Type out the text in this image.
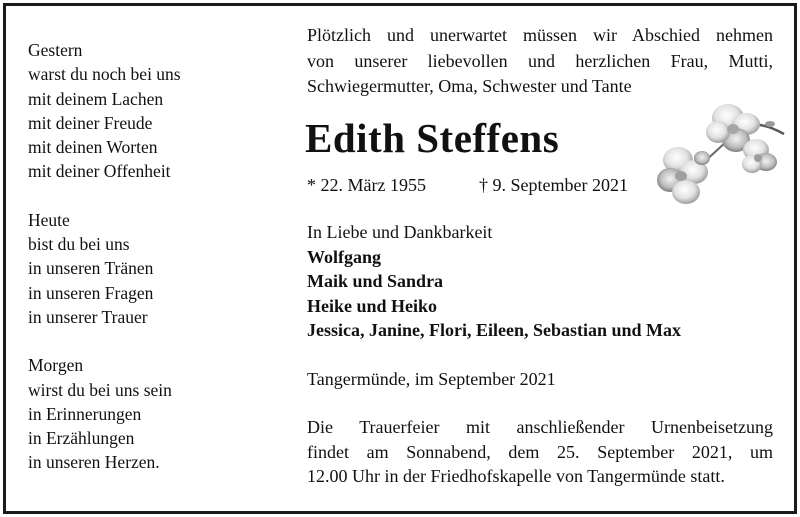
Gestern
warst du noch bei uns
mit deinem Lachen
mit deiner Freude
mit deinen Worten
mit deiner Offenheit
Heute
bist du bei uns
in unseren Tränen
in unseren Fragen
in unserer Trauer
Morgen
wirst du bei uns sein
in Erinnerungen
in Erzählungen
in unseren Herzen.
Plötzlich und unerwartet müssen wir Abschied nehmen
von unserer liebevollen und herzlichen Frau, Mutti,
Schwiegermutter, Oma, Schwester und Tante
Edith Steffens
* 22. März 1955	† 9. September 2021
In Liebe und Dankbarkeit
Wolfgang
Maik und Sandra
Heike und Heiko
Jessica, Janine, Flori, Eileen, Sebastian und Max
Tangermünde, im September 2021
Die Trauerfeier mit anschließender Urnenbeisetzung
findet am Sonnabend, dem 25. September 2021, um
12.00 Uhr in der Friedhofskapelle von Tangermünde statt.
